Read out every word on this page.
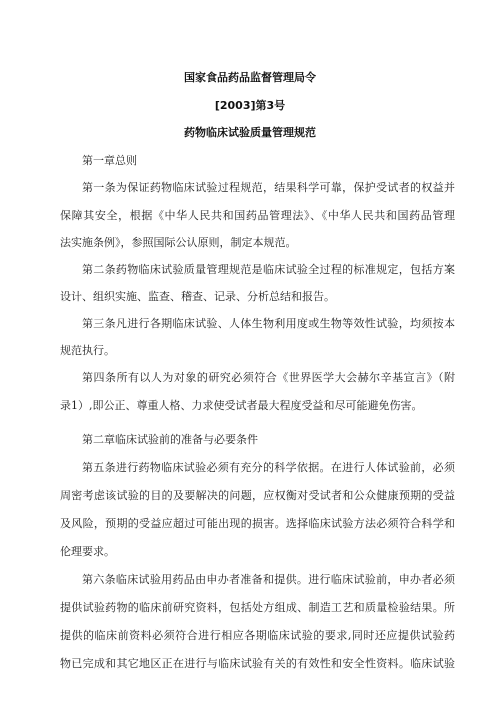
国家食品药品监督管理局令
[2003]第3号
药物临床试验质量管理规范
第一章总则
第一条为保证药物临床试验过程规范，结果科学可靠，保护受试者的权益并
保障其安全，根据《中华人民共和国药品管理法》、《中华人民共和国药品管理
法实施条例》，参照国际公认原则，制定本规范。
第二条药物临床试验质量管理规范是临床试验全过程的标准规定，包括方案
设计、组织实施、监查、稽查、记录、分析总结和报告。
第三条凡进行各期临床试验、人体生物利用度或生物等效性试验，均须按本
规范执行。
第四条所有以人为对象的研究必须符合《世界医学大会赫尔辛基宣言》（附
录1）,即公正、尊重人格、力求使受试者最大程度受益和尽可能避免伤害。
第二章临床试验前的准备与必要条件
第五条进行药物临床试验必须有充分的科学依据。在进行人体试验前，必须
周密考虑该试验的目的及要解决的问题，应权衡对受试者和公众健康预期的受益
及风险，预期的受益应超过可能出现的损害。选择临床试验方法必须符合科学和
伦理要求。
第六条临床试验用药品由申办者准备和提供。进行临床试验前，申办者必须
提供试验药物的临床前研究资料，包括处方组成、制造工艺和质量检验结果。所
提供的临床前资料必须符合进行相应各期临床试验的要求,同时还应提供试验药
物已完成和其它地区正在进行与临床试验有关的有效性和安全性资料。临床试验
